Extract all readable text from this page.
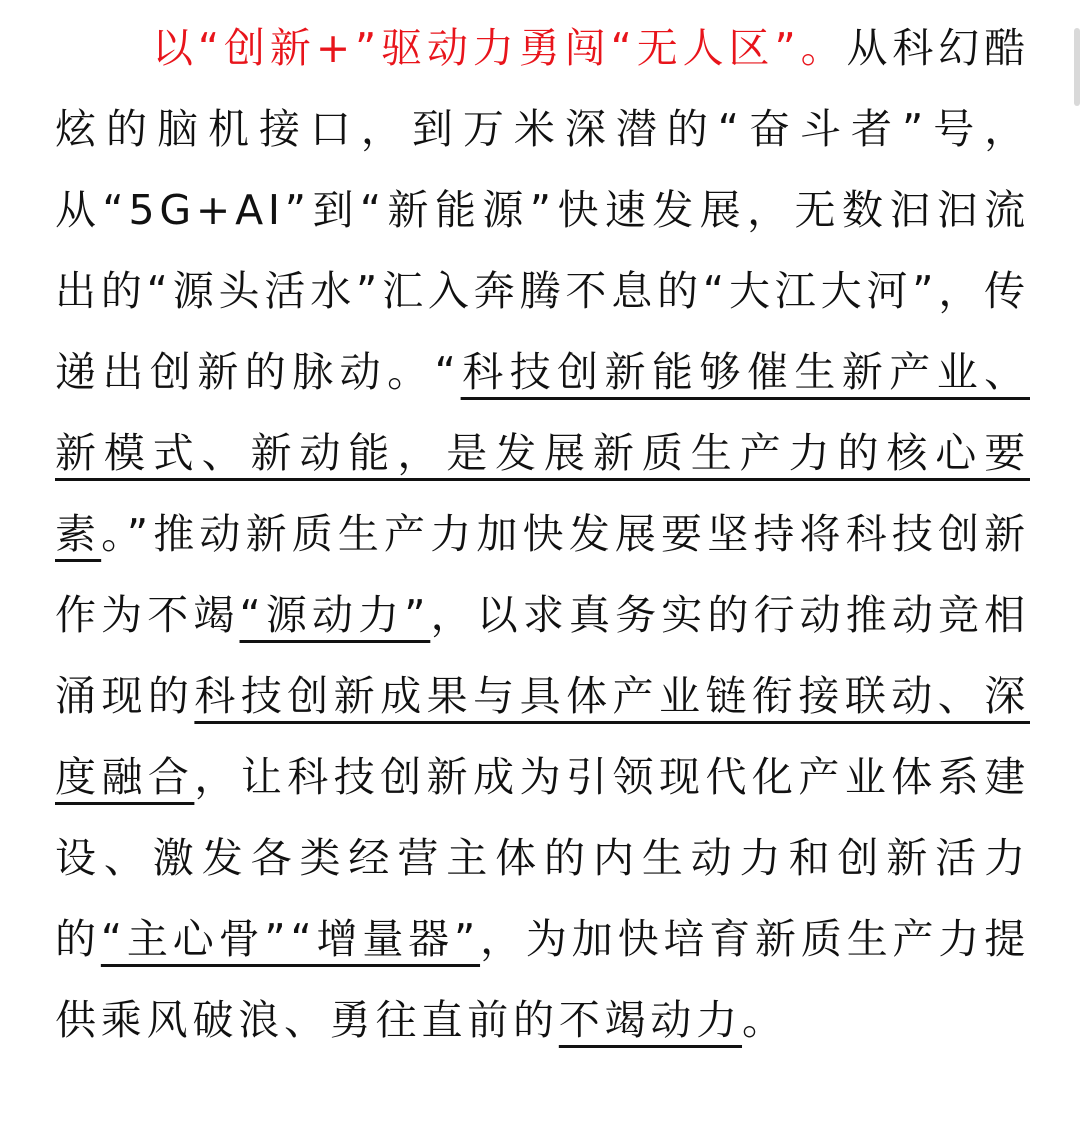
以“创新+”驱动力勇闯“无人区”。从科幻酷炫的脑机接口，到万米深潜的“奋斗者”号，从“5G+AI”到“新能源”快速发展，无数汩汩流出的“源头活水”汇入奔腾不息的“大江大河”，传递出创新的脉动。“科技创新能够催生新产业、新模式、新动能，是发展新质生产力的核心要素。”推动新质生产力加快发展要坚持将科技创新作为不竭“源动力”，以求真务实的行动推动竞相涌现的科技创新成果与具体产业链衔接联动、深度融合，让科技创新成为引领现代化产业体系建设、激发各类经营主体的内生动力和创新活力的“主心骨”“增量器”，为加快培育新质生产力提供乘风破浪、勇往直前的不竭动力。
